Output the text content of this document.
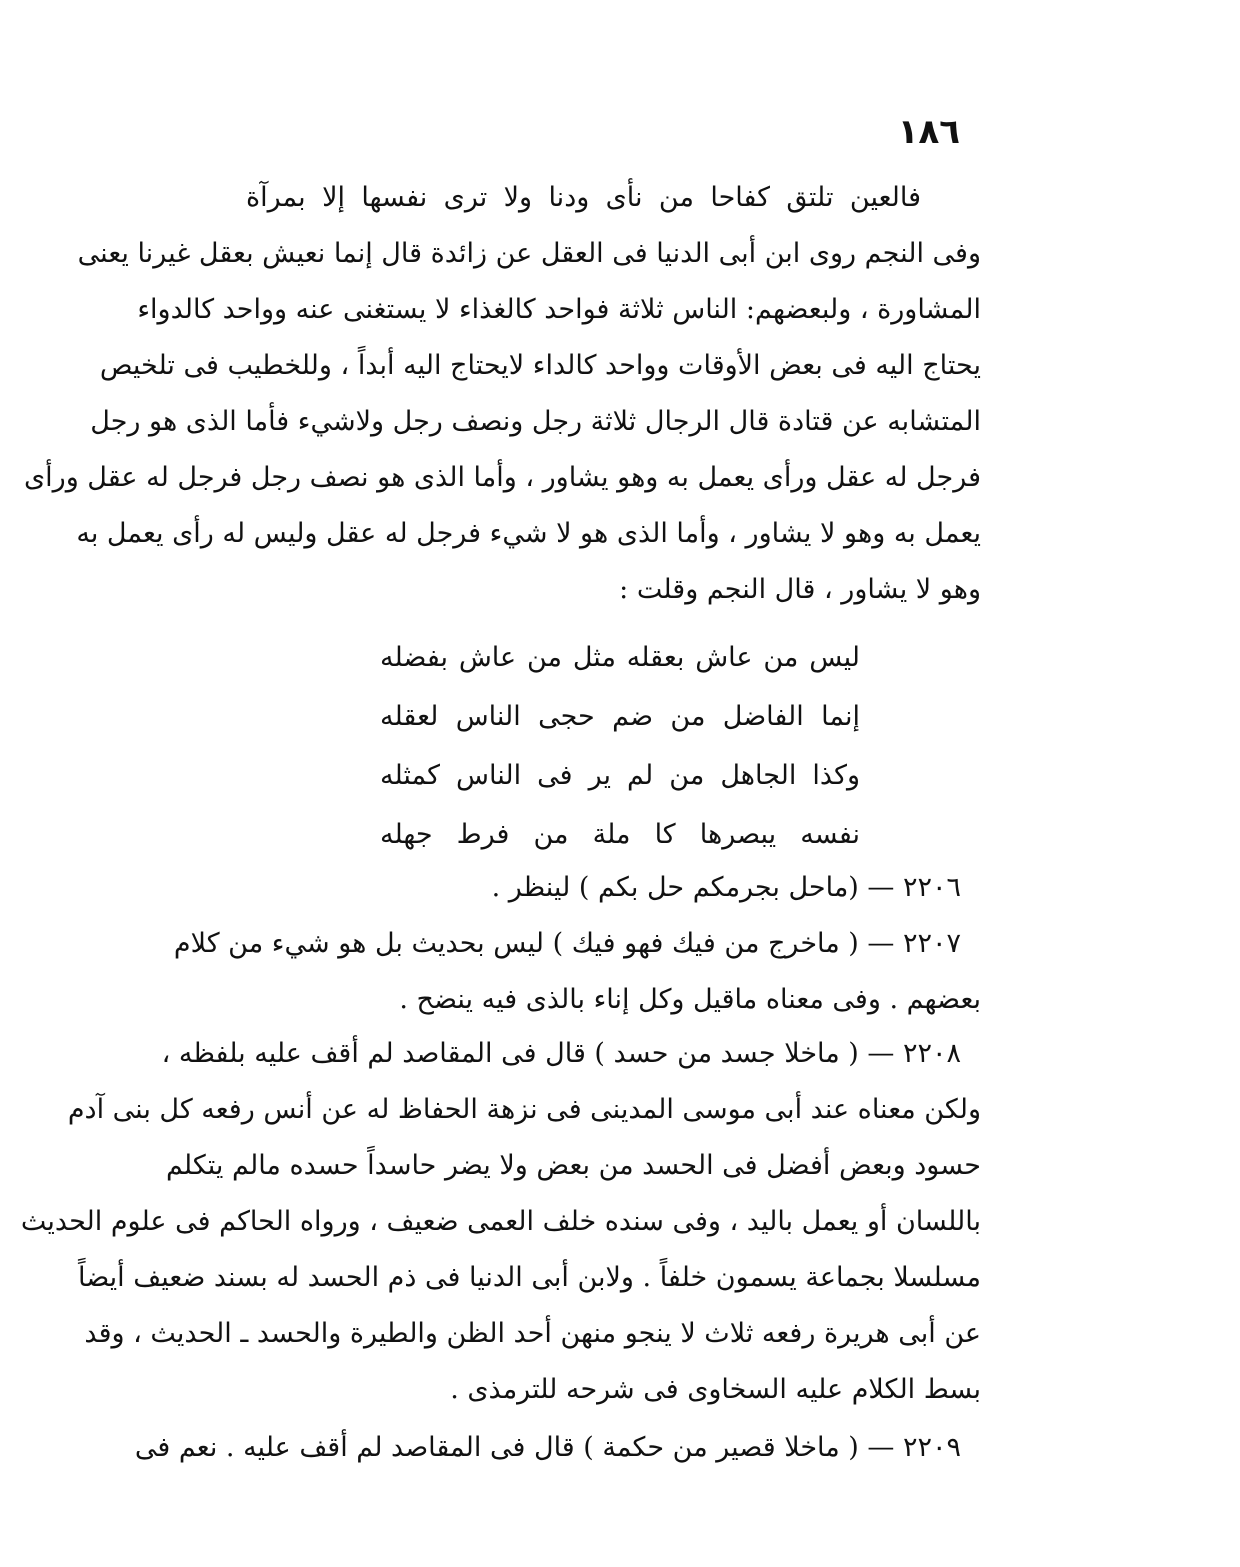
١٨٦
فالعين تلتق كفاحا من نأى ودنا ولا ترى نفسها إلا بمرآة
وفى النجم روى ابن أبى الدنيا فى العقل عن زائدة قال إنما نعيش بعقل غيرنا يعنى
المشاورة ، ولبعضهم: الناس ثلاثة فواحد كالغذاء لا يستغنى عنه وواحد كالدواء
يحتاج اليه فى بعض الأوقات وواحد كالداء لايحتاج اليه أبداً ، وللخطيب فى تلخيص
المتشابه عن قتادة قال الرجال ثلاثة رجل ونصف رجل ولاشيء فأما الذى هو رجل
فرجل له عقل ورأى يعمل به وهو يشاور ، وأما الذى هو نصف رجل فرجل له عقل ورأى
يعمل به وهو لا يشاور ، وأما الذى هو لا شيء فرجل له عقل وليس له رأى يعمل به
وهو لا يشاور ، قال النجم وقلت :
ليس من عاش بعقله مثل من عاش بفضله
إنما الفاضل من ضم حجى الناس لعقله
وكذا الجاهل من لم ير فى الناس كمثله
نفسه يبصرها كا ملة من فرط جهله
٢٢٠٦ — (ماحل بجرمكم حل بكم ) لينظر .
٢٢٠٧ — ( ماخرج من فيك فهو فيك ) ليس بحديث بل هو شيء من كلام
بعضهم . وفى معناه ماقيل وكل إناء بالذى فيه ينضح .
٢٢٠٨ — ( ماخلا جسد من حسد ) قال فى المقاصد لم أقف عليه بلفظه ،
ولكن معناه عند أبى موسى المدينى فى نزهة الحفاظ له عن أنس رفعه كل بنى آدم
حسود وبعض أفضل فى الحسد من بعض ولا يضر حاسداً حسده مالم يتكلم
باللسان أو يعمل باليد ، وفى سنده خلف العمى ضعيف ، ورواه الحاكم فى علوم الحديث
مسلسلا بجماعة يسمون خلفاً . ولابن أبى الدنيا فى ذم الحسد له بسند ضعيف أيضاً
عن أبى هريرة رفعه ثلاث لا ينجو منهن أحد الظن والطيرة والحسد ـ الحديث ، وقد
بسط الكلام عليه السخاوى فى شرحه للترمذى .
٢٢٠٩ — ( ماخلا قصير من حكمة ) قال فى المقاصد لم أقف عليه . نعم فى
